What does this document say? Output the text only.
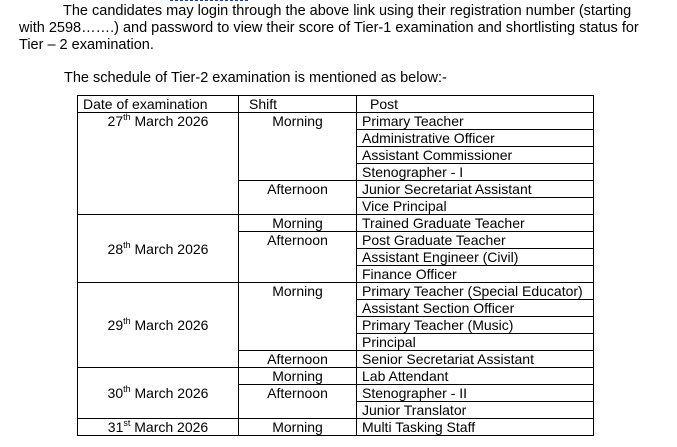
The candidates may login through the above link using their registration number (starting with 2598…….) and password to view their score of Tier-1 examination and shortlisting status for Tier – 2 examination.

The schedule of Tier-2 examination is mentioned as below:-

Date of examination	Shift	Post
27th March 2026	Morning	Primary Teacher
		Administrative Officer
		Assistant Commissioner
		Stenographer - I
	Afternoon	Junior Secretariat Assistant
		Vice Principal
28th March 2026	Morning	Trained Graduate Teacher
	Afternoon	Post Graduate Teacher
		Assistant Engineer (Civil)
		Finance Officer
29th March 2026	Morning	Primary Teacher (Special Educator)
		Assistant Section Officer
		Primary Teacher (Music)
		Principal
	Afternoon	Senior Secretariat Assistant
30th March 2026	Morning	Lab Attendant
	Afternoon	Stenographer - II
		Junior Translator
31st March 2026	Morning	Multi Tasking Staff
